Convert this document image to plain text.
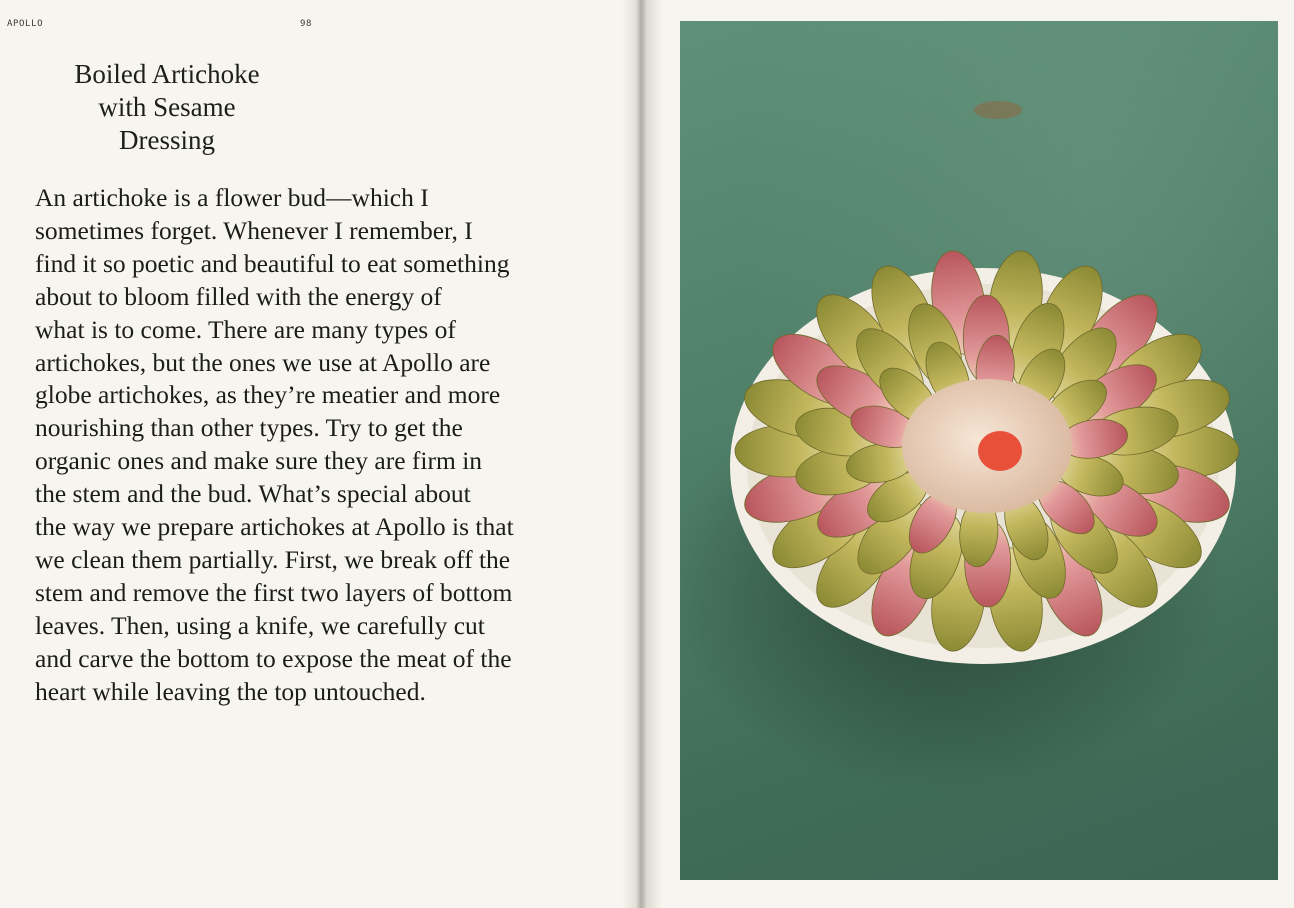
APOLLO	98
Boiled Artichoke
with Sesame
Dressing
An artichoke is a flower bud—which I
sometimes forget. Whenever I remember, I
find it so poetic and beautiful to eat something
about to bloom filled with the energy of
what is to come. There are many types of
artichokes, but the ones we use at Apollo are
globe artichokes, as they’re meatier and more
nourishing than other types. Try to get the
organic ones and make sure they are firm in
the stem and the bud. What’s special about
the way we prepare artichokes at Apollo is that
we clean them partially. First, we break off the
stem and remove the first two layers of bottom
leaves. Then, using a knife, we carefully cut
and carve the bottom to expose the meat of the
heart while leaving the top untouched.
